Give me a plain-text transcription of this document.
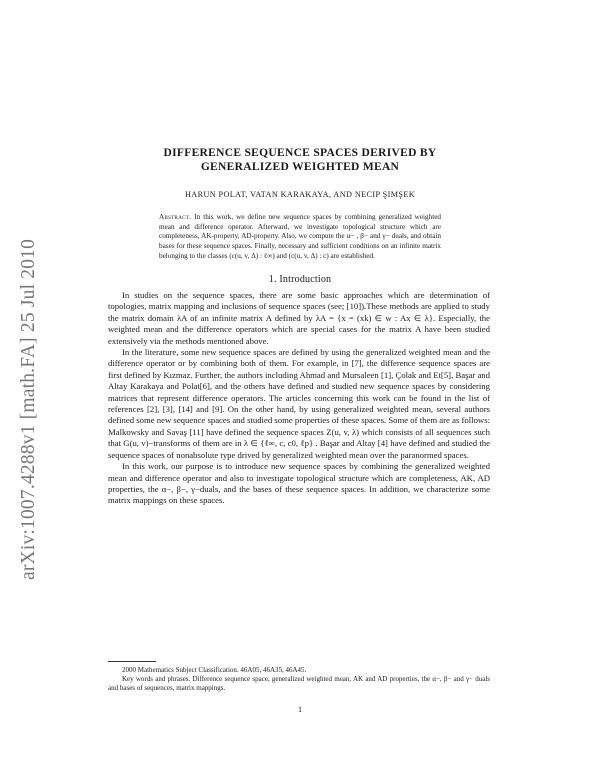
arXiv:1007.4288v1 [math.FA] 25 Jul 2010
DIFFERENCE SEQUENCE SPACES DERIVED BY
GENERALIZED WEIGHTED MEAN
HARUN POLAT, VATAN KARAKAYA, AND NECIP ŞIMŞEK

Abstract. In this work, we define new sequence spaces by combining generalized weighted mean and difference operator. Afterward, we investigate topological structure which are completeness, AK-property, AD-property. Also, we compute the α− , β− and γ− duals, and obtain bases for these sequence spaces. Finally, necessary and sufficient conditions on an infinite matrix belonging to the classes (c(u, v, Δ) : ℓ∞) and (c(u, v, Δ) : c) are established.

1. Introduction

In studies on the sequence spaces, there are some basic approaches which are determination of topologies, matrix mapping and inclusions of sequence spaces (see; [10]).These methods are applied to study the matrix domain λA of an infinite matrix A defined by λA = {x = (xk) ∈ w : Ax ∈ λ}. Especially, the weighted mean and the difference operators which are special cases for the matrix A have been studied extensively via the methods mentioned above.

In the literature, some new sequence spaces are defined by using the generalized weighted mean and the difference operator or by combining both of them. For example, in [7], the difference sequence spaces are first defined by Kızmaz. Further, the authors including Ahmad and Mursaleen [1], Çolak and Et[5], Başar and Altay Karakaya and Polat[6], and the others have defined and studied new sequence spaces by considering matrices that represent difference operators. The articles concerning this work can be found in the list of references [2], [3], [14] and [9]. On the other hand, by using generalized weighted mean, several authors defined some new sequence spaces and studied some properties of these spaces. Some of them are as follows: Malkowsky and Savaş [11] have defined the sequence spaces Z(u, v, λ) which consists of all sequences such that G(u, v)−transforms of them are in λ ∈ {ℓ∞, c, c0, ℓp} . Başar and Altay [4] have defined and studied the sequence spaces of nonabsolute type drived by generalized weighted mean over the paranormed spaces.

In this work, our purpose is to introduce new sequence spaces by combining the generalized weighted mean and difference operator and also to investigate topological structure which are completeness, AK, AD properties, the α−, β−, γ−duals, and the bases of these sequence spaces. In addition, we characterize some matrix mappings on these spaces.

2000 Mathematics Subject Classification. 46A05, 46A35, 46A45.

Key words and phrases. Difference sequence space, generalized weighted mean, AK and AD properties, the α−, β− and γ− duals and bases of sequences, matrix mappings.

1
